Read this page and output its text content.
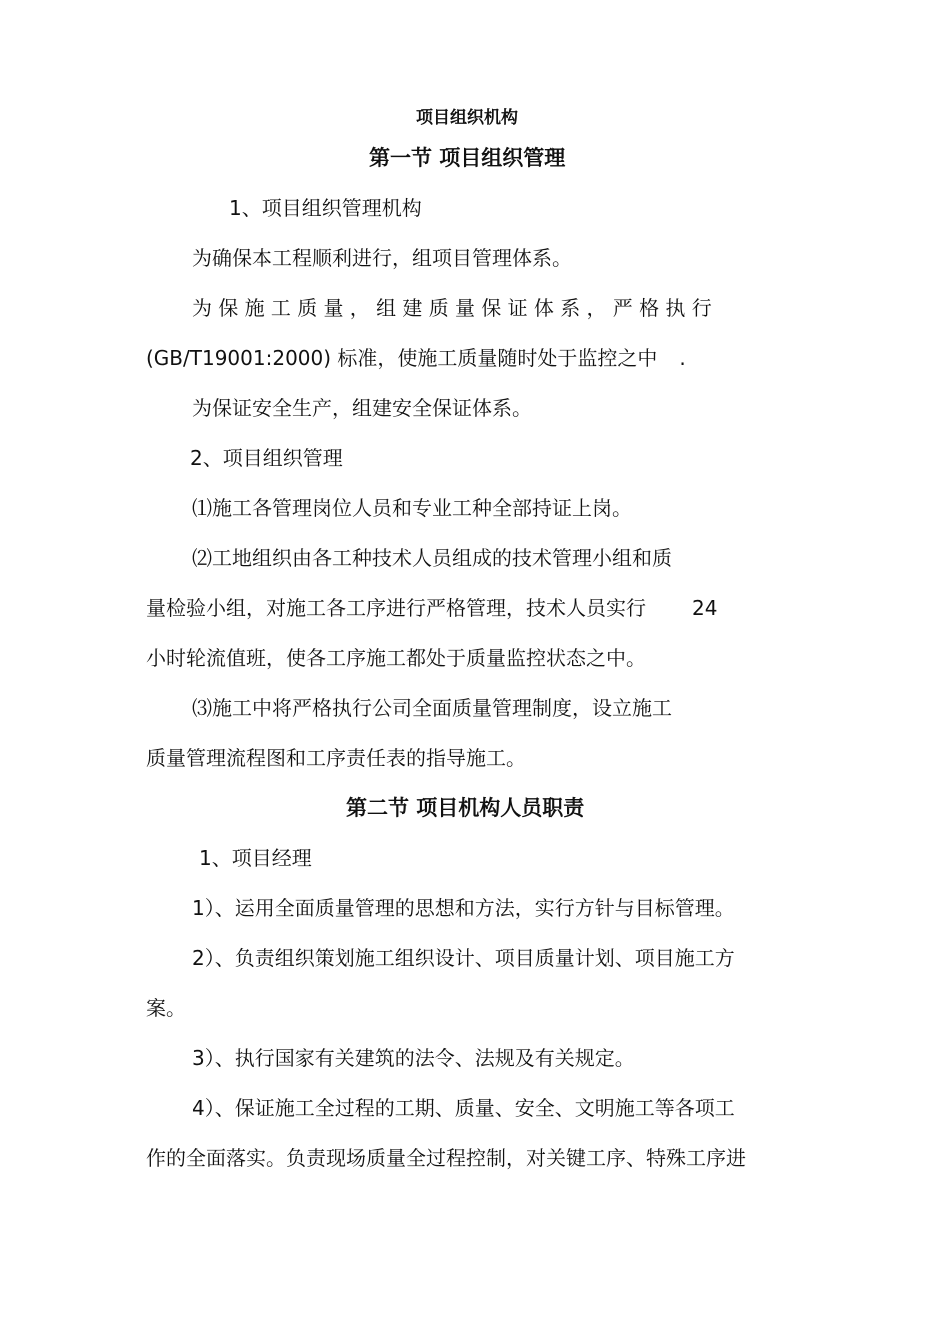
项目组织机构

第一节 项目组织管理

1、项目组织管理机构

为确保本工程顺利进行，组项目管理体系。

为保施工质量，组建质量保证体系，严格执行

(GB/T19001:2000) 标准，使施工质量随时处于监控之中 .

为保证安全生产，组建安全保证体系。

2、项目组织管理

⑴施工各管理岗位人员和专业工种全部持证上岗。

⑵工地组织由各工种技术人员组成的技术管理小组和质

量检验小组，对施工各工序进行严格管理，技术人员实行 24

小时轮流值班，使各工序施工都处于质量监控状态之中。

⑶施工中将严格执行公司全面质量管理制度，设立施工

质量管理流程图和工序责任表的指导施工。

第二节 项目机构人员职责

1、项目经理

1）、运用全面质量管理的思想和方法，实行方针与目标管理。

2）、负责组织策划施工组织设计、项目质量计划、项目施工方

案。

3）、执行国家有关建筑的法令、法规及有关规定。

4）、保证施工全过程的工期、质量、安全、文明施工等各项工

作的全面落实。负责现场质量全过程控制，对关键工序、特殊工序进
